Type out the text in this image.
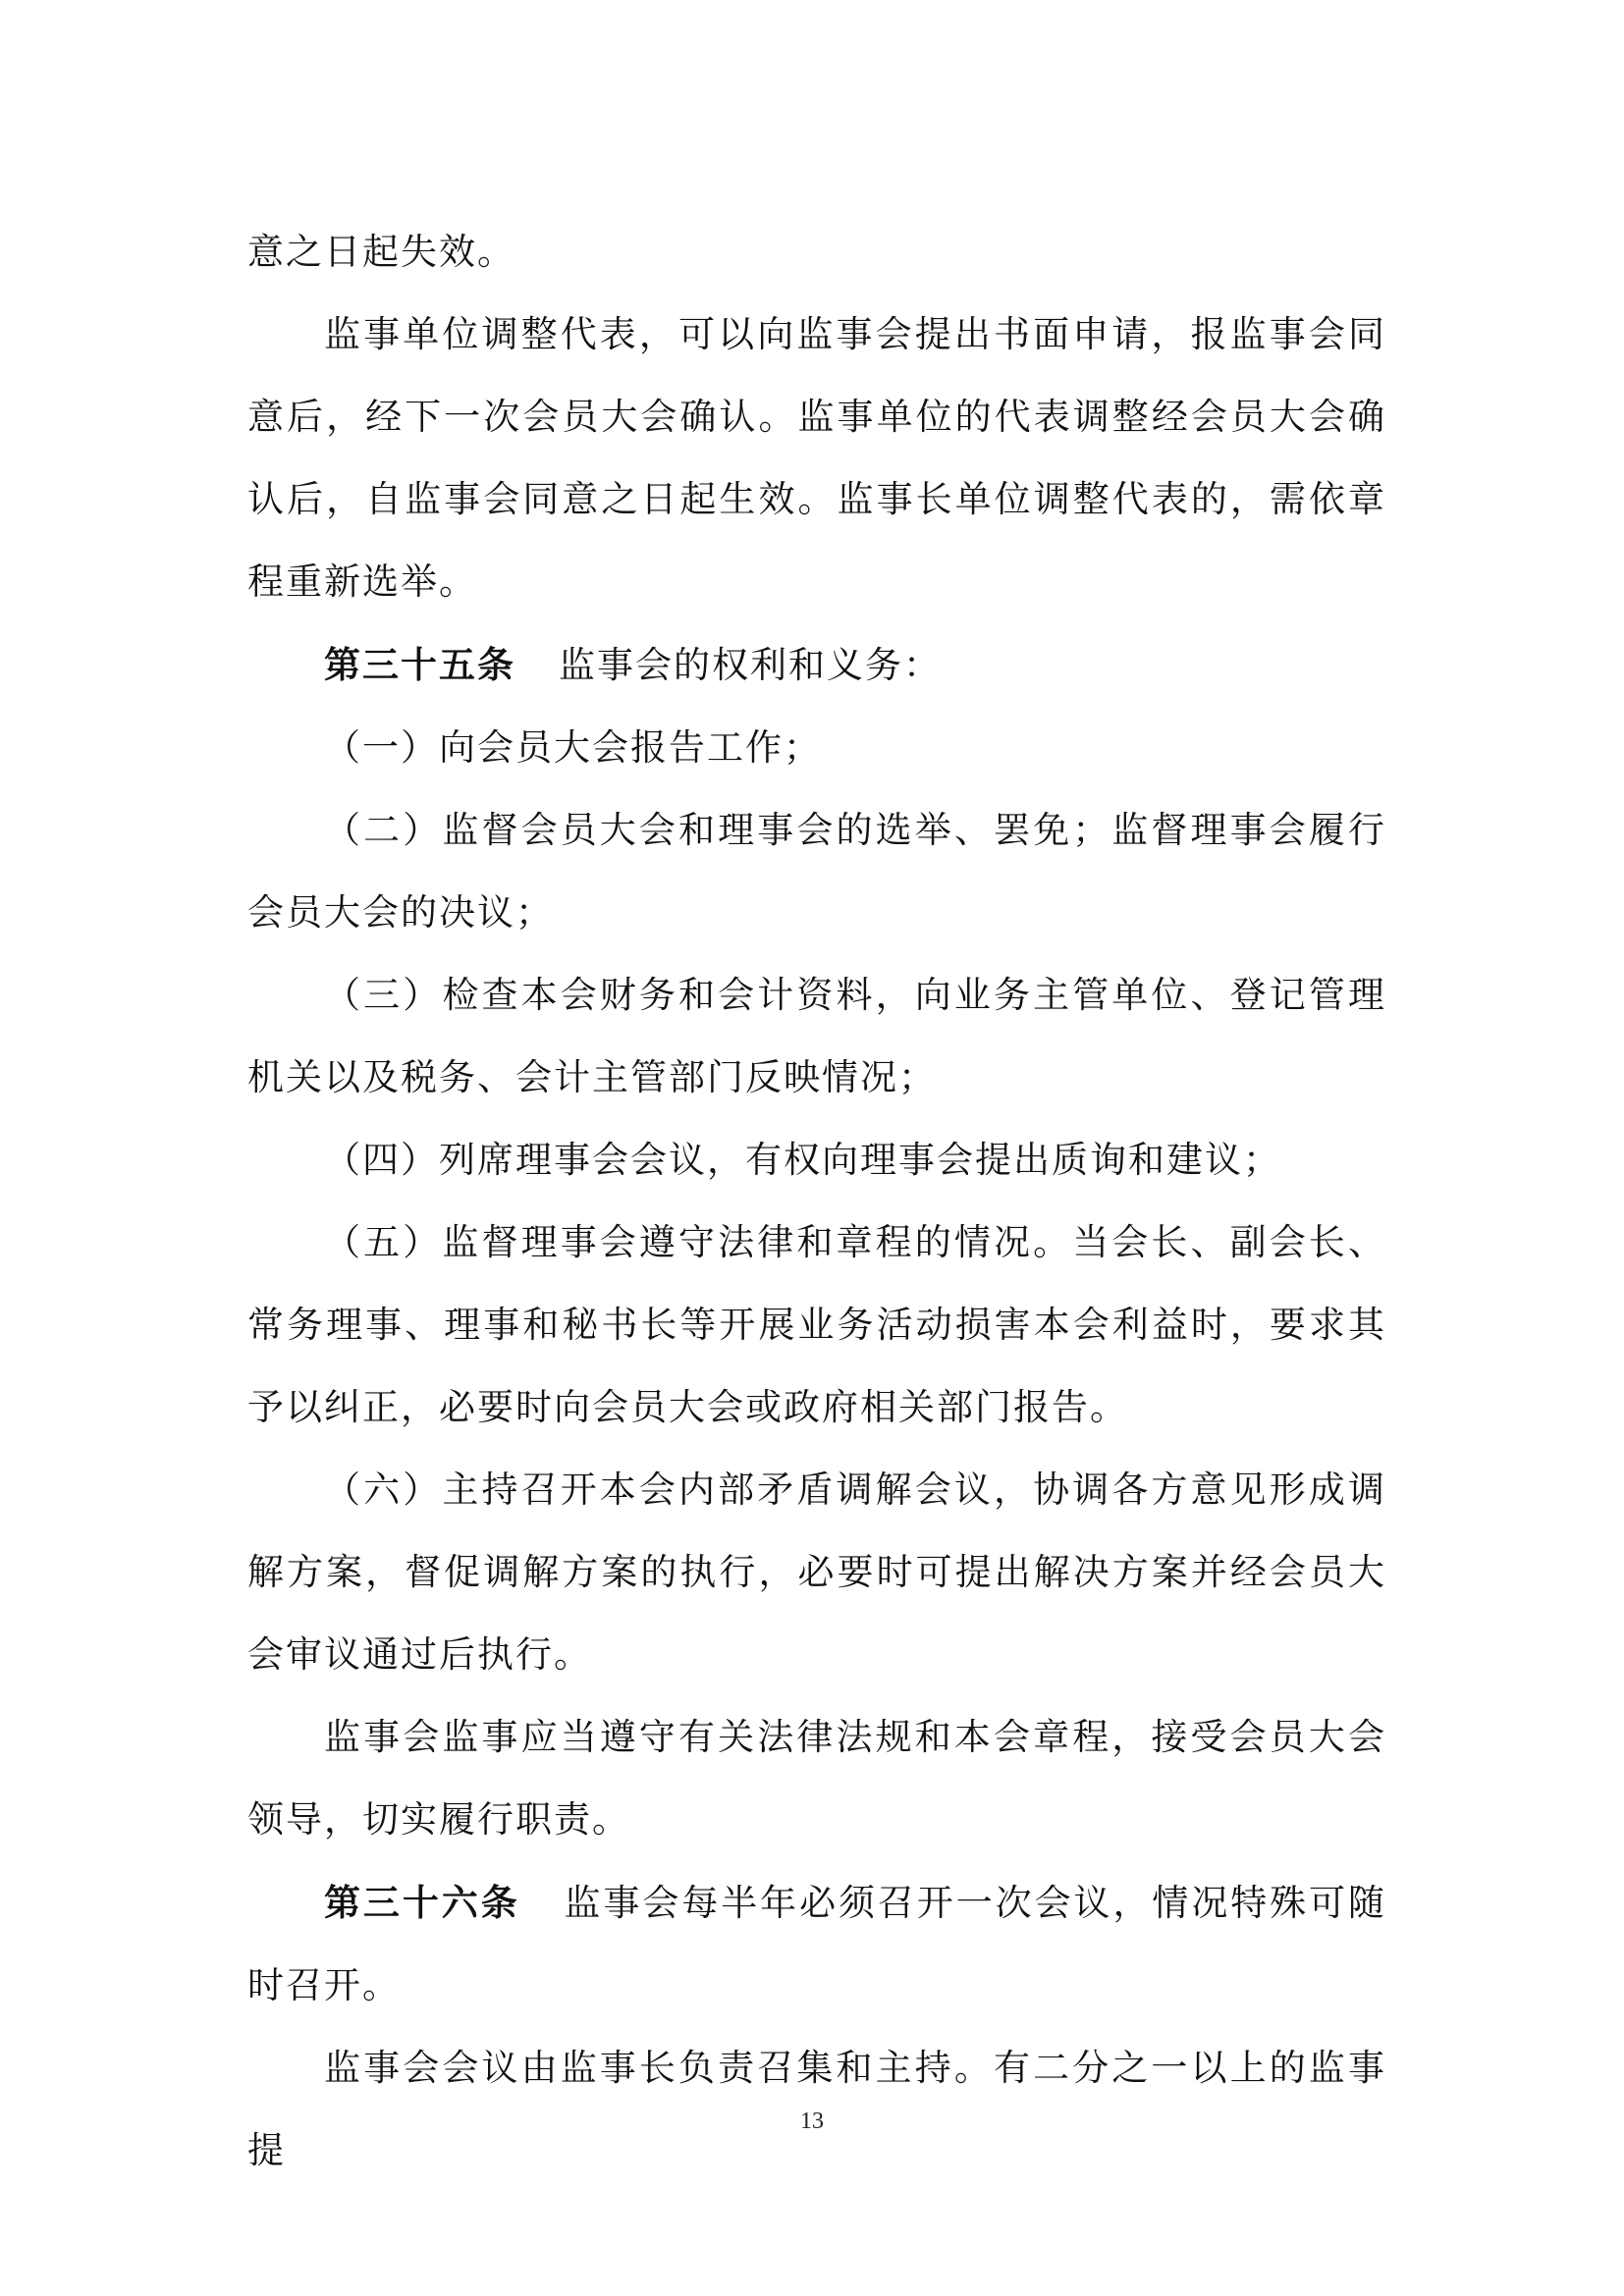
意之日起失效。

监事单位调整代表，可以向监事会提出书面申请，报监事会同意后，经下一次会员大会确认。监事单位的代表调整经会员大会确认后，自监事会同意之日起生效。监事长单位调整代表的，需依章程重新选举。

第三十五条 监事会的权利和义务：

（一）向会员大会报告工作；

（二）监督会员大会和理事会的选举、罢免；监督理事会履行会员大会的决议；

（三）检查本会财务和会计资料，向业务主管单位、登记管理机关以及税务、会计主管部门反映情况；

（四）列席理事会会议，有权向理事会提出质询和建议；

（五）监督理事会遵守法律和章程的情况。当会长、副会长、常务理事、理事和秘书长等开展业务活动损害本会利益时，要求其予以纠正，必要时向会员大会或政府相关部门报告。

（六）主持召开本会内部矛盾调解会议，协调各方意见形成调解方案，督促调解方案的执行，必要时可提出解决方案并经会员大会审议通过后执行。

监事会监事应当遵守有关法律法规和本会章程，接受会员大会领导，切实履行职责。

第三十六条 监事会每半年必须召开一次会议，情况特殊可随时召开。

监事会会议由监事长负责召集和主持。有二分之一以上的监事提

13
